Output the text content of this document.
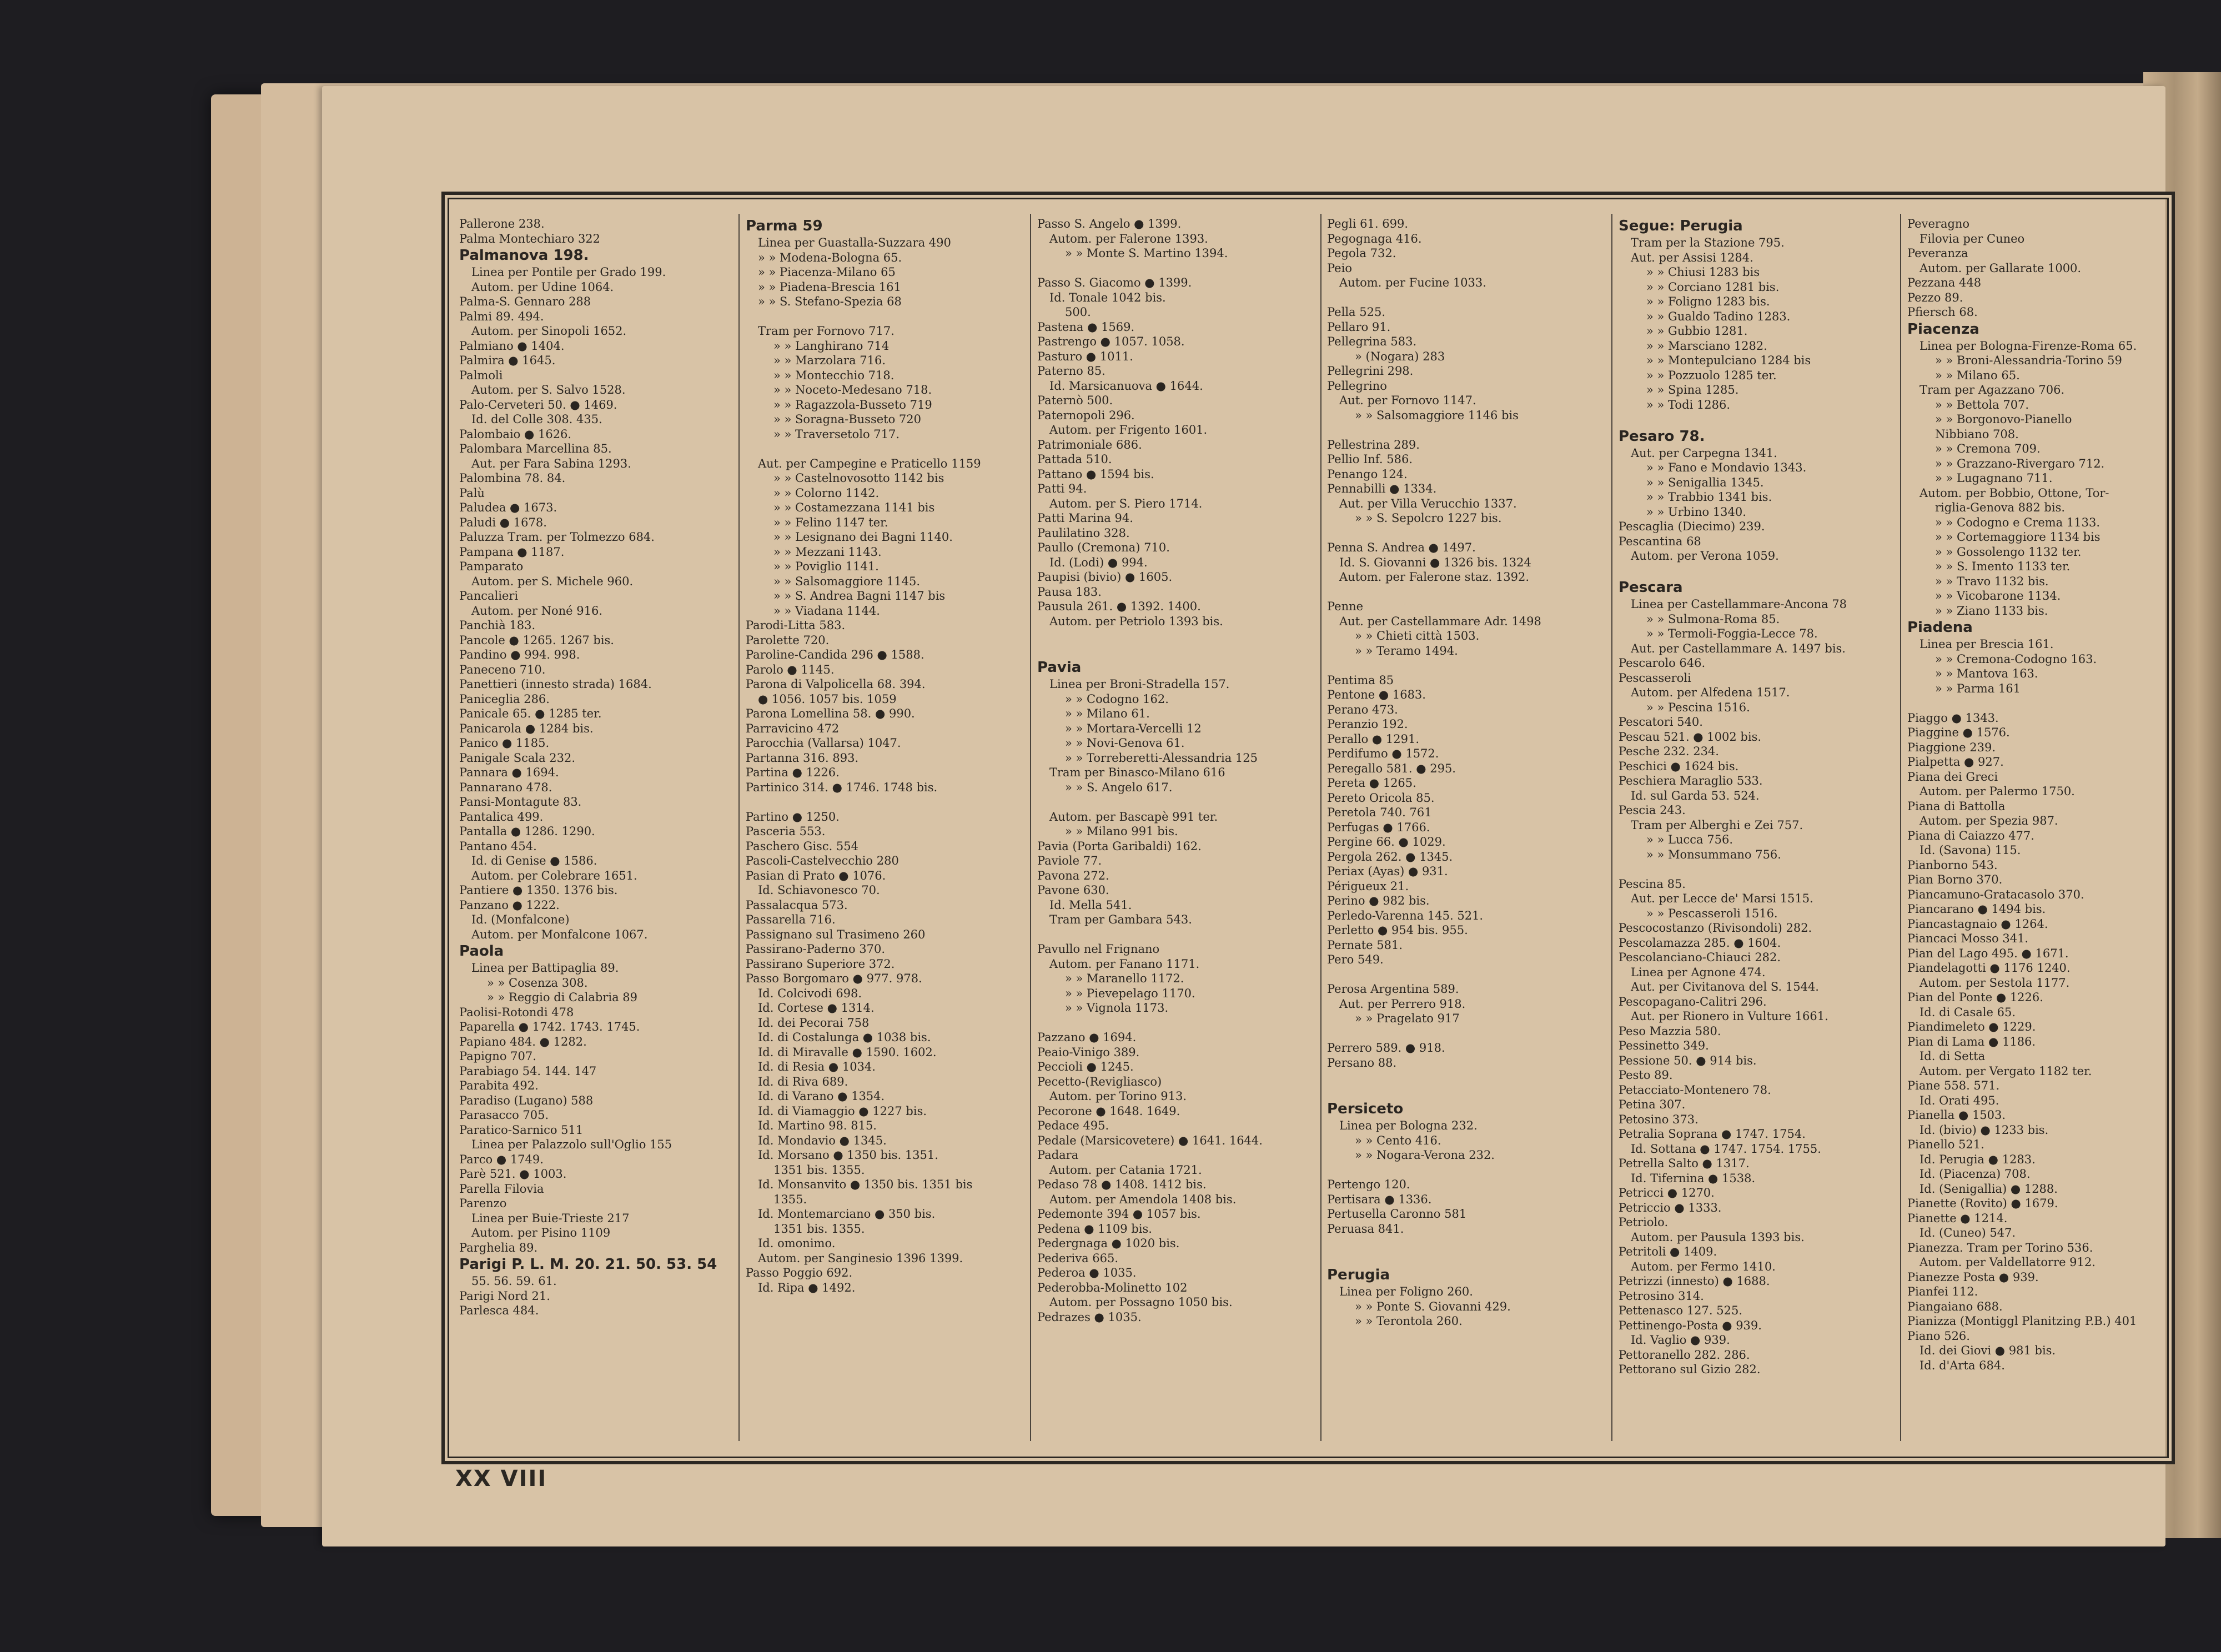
Pallerone 238.
Palma Montechiaro 322
Palmanova 198.
Linea per Pontile per Grado 199.
Autom. per Udine 1064.
Palma-S. Gennaro 288
Palmi 89. 494.
Autom. per Sinopoli 1652.
Palmiano ● 1404.
Palmira ● 1645.
Palmoli
Autom. per S. Salvo 1528.
Palo-Cerveteri 50. ● 1469.
Id. del Colle 308. 435.
Palombaio ● 1626.
Palombara Marcellina 85.
Aut. per Fara Sabina 1293.
Palombina 78. 84.
Palù
Paludea ● 1673.
Paludi ● 1678.
Paluzza Tram. per Tolmezzo 684.
Pampana ● 1187.
Pamparato
Autom. per S. Michele 960.
Pancalieri
Autom. per Noné 916.
Panchià 183.
Pancole ● 1265. 1267 bis.
Pandino ● 994. 998.
Paneceno 710.
Panettieri (innesto strada) 1684.
Paniceglia 286.
Panicale 65. ● 1285 ter.
Panicarola ● 1284 bis.
Panico ● 1185.
Panigale Scala 232.
Pannara ● 1694.
Pannarano 478.
Pansi-Montagute 83.
Pantalica 499.
Pantalla ● 1286. 1290.
Pantano 454.
Id. di Genise ● 1586.
Autom. per Colebrare 1651.
Pantiere ● 1350. 1376 bis.
Panzano ● 1222.
Id. (Monfalcone)
Autom. per Monfalcone 1067.
Paola
Linea per Battipaglia 89.
» » Cosenza 308.
» » Reggio di Calabria 89
Paolisi-Rotondi 478
Paparella ● 1742. 1743. 1745.
Papiano 484. ● 1282.
Papigno 707.
Parabiago 54. 144. 147
Parabita 492.
Paradiso (Lugano) 588
Parasacco 705.
Paratico-Sarnico 511
Linea per Palazzolo sull'Oglio 155
Parco ● 1749.
Parè 521. ● 1003.
Parella Filovia
Parenzo
Linea per Buie-Trieste 217
Autom. per Pisino 1109
Parghelia 89.
Parigi P. L. M. 20. 21. 50. 53. 54
55. 56. 59. 61.
Parigi Nord 21.
Parlesca 484.
Parma 59
Linea per Guastalla-Suzzara 490
» » Modena-Bologna 65.
» » Piacenza-Milano 65
» » Piadena-Brescia 161
» » S. Stefano-Spezia 68

Tram per Fornovo 717.
» » Langhirano 714
» » Marzolara 716.
» » Montecchio 718.
» » Noceto-Medesano 718.
» » Ragazzola-Busseto 719
» » Soragna-Busseto 720
» » Traversetolo 717.

Aut. per Campegine e Praticello 1159
» » Castelnovosotto 1142 bis
» » Colorno 1142.
» » Costamezzana 1141 bis
» » Felino 1147 ter.
» » Lesignano dei Bagni 1140.
» » Mezzani 1143.
» » Poviglio 1141.
» » Salsomaggiore 1145.
» » S. Andrea Bagni 1147 bis
» » Viadana 1144.
Parodi-Litta 583.
Parolette 720.
Paroline-Candida 296 ● 1588.
Parolo ● 1145.
Parona di Valpolicella 68. 394.
● 1056. 1057 bis. 1059
Parona Lomellina 58. ● 990.
Parravicino 472
Parocchia (Vallarsa) 1047.
Partanna 316. 893.
Partina ● 1226.
Partinico 314. ● 1746. 1748 bis.

Partino ● 1250.
Pasceria 553.
Paschero Gisc. 554
Pascoli-Castelvecchio 280
Pasian di Prato ● 1076.
Id. Schiavonesco 70.
Passalacqua 573.
Passarella 716.
Passignano sul Trasimeno 260
Passirano-Paderno 370.
Passirano Superiore 372.
Passo Borgomaro ● 977. 978.
Id. Colcivodi 698.
Id. Cortese ● 1314.
Id. dei Pecorai 758
Id. di Costalunga ● 1038 bis.
Id. di Miravalle ● 1590. 1602.
Id. di Resia ● 1034.
Id. di Riva 689.
Id. di Varano ● 1354.
Id. di Viamaggio ● 1227 bis.
Id. Martino 98. 815.
Id. Mondavio ● 1345.
Id. Morsano ● 1350 bis. 1351.
1351 bis. 1355.
Id. Monsanvito ● 1350 bis. 1351 bis
1355.
Id. Montemarciano ● 350 bis.
1351 bis. 1355.
Id. omonimo.
Autom. per Sanginesio 1396 1399.
Passo Poggio 692.
Id. Ripa ● 1492.
Passo S. Angelo ● 1399.
Autom. per Falerone 1393.
» » Monte S. Martino 1394.

Passo S. Giacomo ● 1399.
Id. Tonale 1042 bis.
500.
Pastena ● 1569.
Pastrengo ● 1057. 1058.
Pasturo ● 1011.
Paterno 85.
Id. Marsicanuova ● 1644.
Paternò 500.
Paternopoli 296.
Autom. per Frigento 1601.
Patrimoniale 686.
Pattada 510.
Pattano ● 1594 bis.
Patti 94.
Autom. per S. Piero 1714.
Patti Marina 94.
Paulilatino 328.
Paullo (Cremona) 710.
Id. (Lodi) ● 994.
Paupisi (bivio) ● 1605.
Pausa 183.
Pausula 261. ● 1392. 1400.
Autom. per Petriolo 1393 bis.

Pavia
Linea per Broni-Stradella 157.
» » Codogno 162.
» » Milano 61.
» » Mortara-Vercelli 12
» » Novi-Genova 61.
» » Torreberetti-Alessandria 125
Tram per Binasco-Milano 616
» » S. Angelo 617.

Autom. per Bascapè 991 ter.
» » Milano 991 bis.
Pavia (Porta Garibaldi) 162.
Paviole 77.
Pavona 272.
Pavone 630.
Id. Mella 541.
Tram per Gambara 543.

Pavullo nel Frignano
Autom. per Fanano 1171.
» » Maranello 1172.
» » Pievepelago 1170.
» » Vignola 1173.

Pazzano ● 1694.
Peaio-Vinigo 389.
Peccioli ● 1245.
Pecetto-(Revigliasco)
Autom. per Torino 913.
Pecorone ● 1648. 1649.
Pedace 495.
Pedale (Marsicovetere) ● 1641. 1644.
Padara
Autom. per Catania 1721.
Pedaso 78 ● 1408. 1412 bis.
Autom. per Amendola 1408 bis.
Pedemonte 394 ● 1057 bis.
Pedena ● 1109 bis.
Pedergnaga ● 1020 bis.
Pederiva 665.
Pederoa ● 1035.
Pederobba-Molinetto 102
Autom. per Possagno 1050 bis.
Pedrazes ● 1035.
Pegli 61. 699.
Pegognaga 416.
Pegola 732.
Peio
Autom. per Fucine 1033.

Pella 525.
Pellaro 91.
Pellegrina 583.
» (Nogara) 283
Pellegrini 298.
Pellegrino
Aut. per Fornovo 1147.
» » Salsomaggiore 1146 bis

Pellestrina 289.
Pellio Inf. 586.
Penango 124.
Pennabilli ● 1334.
Aut. per Villa Verucchio 1337.
» » S. Sepolcro 1227 bis.

Penna S. Andrea ● 1497.
Id. S. Giovanni ● 1326 bis. 1324
Autom. per Falerone staz. 1392.

Penne
Aut. per Castellammare Adr. 1498
» » Chieti città 1503.
» » Teramo 1494.

Pentima 85
Pentone ● 1683.
Perano 473.
Peranzio 192.
Perallo ● 1291.
Perdifumo ● 1572.
Peregallo 581. ● 295.
Pereta ● 1265.
Pereto Oricola 85.
Peretola 740. 761
Perfugas ● 1766.
Pergine 66. ● 1029.
Pergola 262. ● 1345.
Periax (Ayas) ● 931.
Périgueux 21.
Perino ● 982 bis.
Perledo-Varenna 145. 521.
Perletto ● 954 bis. 955.
Pernate 581.
Pero 549.

Perosa Argentina 589.
Aut. per Perrero 918.
» » Pragelato 917

Perrero 589. ● 918.
Persano 88.

Persiceto
Linea per Bologna 232.
» » Cento 416.
» » Nogara-Verona 232.

Pertengo 120.
Pertisara ● 1336.
Pertusella Caronno 581
Peruasa 841.

Perugia
Linea per Foligno 260.
» » Ponte S. Giovanni 429.
» » Terontola 260.
Segue: Perugia
Tram per la Stazione 795.
Aut. per Assisi 1284.
» » Chiusi 1283 bis
» » Corciano 1281 bis.
» » Foligno 1283 bis.
» » Gualdo Tadino 1283.
» » Gubbio 1281.
» » Marsciano 1282.
» » Montepulciano 1284 bis
» » Pozzuolo 1285 ter.
» » Spina 1285.
» » Todi 1286.

Pesaro 78.
Aut. per Carpegna 1341.
» » Fano e Mondavio 1343.
» » Senigallia 1345.
» » Trabbio 1341 bis.
» » Urbino 1340.
Pescaglia (Diecimo) 239.
Pescantina 68
Autom. per Verona 1059.

Pescara
Linea per Castellammare-Ancona 78
» » Sulmona-Roma 85.
» » Termoli-Foggia-Lecce 78.
Aut. per Castellammare A. 1497 bis.
Pescarolo 646.
Pescasseroli
Autom. per Alfedena 1517.
» » Pescina 1516.
Pescatori 540.
Pescau 521. ● 1002 bis.
Pesche 232. 234.
Peschici ● 1624 bis.
Peschiera Maraglio 533.
Id. sul Garda 53. 524.
Pescia 243.
Tram per Alberghi e Zei 757.
» » Lucca 756.
» » Monsummano 756.

Pescina 85.
Aut. per Lecce de' Marsi 1515.
» » Pescasseroli 1516.
Pescocostanzo (Rivisondoli) 282.
Pescolamazza 285. ● 1604.
Pescolanciano-Chiauci 282.
Linea per Agnone 474.
Aut. per Civitanova del S. 1544.
Pescopagano-Calitri 296.
Aut. per Rionero in Vulture 1661.
Peso Mazzia 580.
Pessinetto 349.
Pessione 50. ● 914 bis.
Pesto 89.
Petacciato-Montenero 78.
Petina 307.
Petosino 373.
Petralia Soprana ● 1747. 1754.
Id. Sottana ● 1747. 1754. 1755.
Petrella Salto ● 1317.
Id. Tifernina ● 1538.
Petricci ● 1270.
Petriccio ● 1333.
Petriolo.
Autom. per Pausula 1393 bis.
Petritoli ● 1409.
Autom. per Fermo 1410.
Petrizzi (innesto) ● 1688.
Petrosino 314.
Pettenasco 127. 525.
Pettinengo-Posta ● 939.
Id. Vaglio ● 939.
Pettoranello 282. 286.
Pettorano sul Gizio 282.
Peveragno
Filovia per Cuneo
Peveranza
Autom. per Gallarate 1000.
Pezzana 448
Pezzo 89.
Pfiersch 68.
Piacenza
Linea per Bologna-Firenze-Roma 65.
» » Broni-Alessandria-Torino 59
» » Milano 65.
Tram per Agazzano 706.
» » Bettola 707.
» » Borgonovo-Pianello
Nibbiano 708.
» » Cremona 709.
» » Grazzano-Rivergaro 712.
» » Lugagnano 711.
Autom. per Bobbio, Ottone, Tor-
riglia-Genova 882 bis.
» » Codogno e Crema 1133.
» » Cortemaggiore 1134 bis
» » Gossolengo 1132 ter.
» » S. Imento 1133 ter.
» » Travo 1132 bis.
» » Vicobarone 1134.
» » Ziano 1133 bis.
Piadena
Linea per Brescia 161.
» » Cremona-Codogno 163.
» » Mantova 163.
» » Parma 161

Piaggo ● 1343.
Piaggine ● 1576.
Piaggione 239.
Pialpetta ● 927.
Piana dei Greci
Autom. per Palermo 1750.
Piana di Battolla
Autom. per Spezia 987.
Piana di Caiazzo 477.
Id. (Savona) 115.
Pianborno 543.
Pian Borno 370.
Piancamuno-Gratacasolo 370.
Piancarano ● 1494 bis.
Piancastagnaio ● 1264.
Piancaci Mosso 341.
Pian del Lago 495. ● 1671.
Piandelagotti ● 1176 1240.
Autom. per Sestola 1177.
Pian del Ponte ● 1226.
Id. di Casale 65.
Piandimeleto ● 1229.
Pian di Lama ● 1186.
Id. di Setta
Autom. per Vergato 1182 ter.
Piane 558. 571.
Id. Orati 495.
Pianella ● 1503.
Id. (bivio) ● 1233 bis.
Pianello 521.
Id. Perugia ● 1283.
Id. (Piacenza) 708.
Id. (Senigallia) ● 1288.
Pianette (Rovito) ● 1679.
Pianette ● 1214.
Id. (Cuneo) 547.
Pianezza. Tram per Torino 536.
Autom. per Valdellatorre 912.
Pianezze Posta ● 939.
Pianfei 112.
Piangaiano 688.
Pianizza (Montiggl Planitzing P.B.) 401
Piano 526.
Id. dei Giovi ● 981 bis.
Id. d'Arta 684.
XX VIII
